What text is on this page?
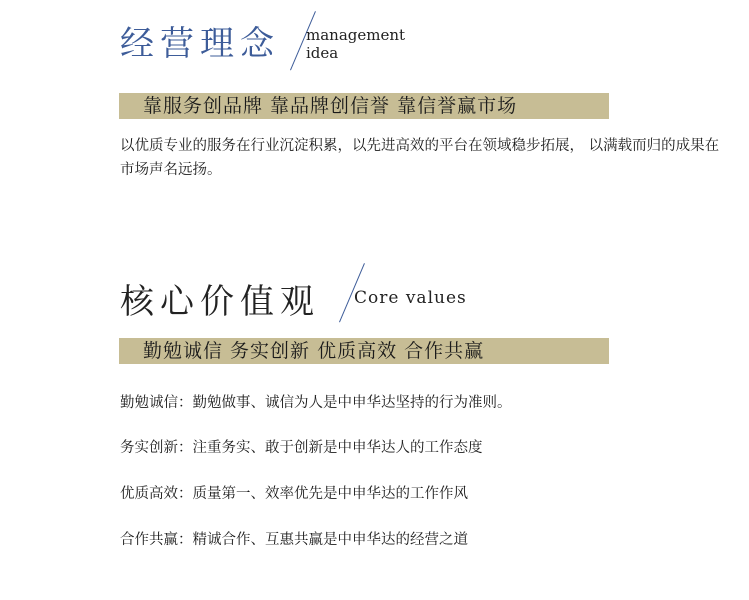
经营理念 management
idea
靠服务创品牌 靠品牌创信誉 靠信誉赢市场

以优质专业的服务在行业沉淀积累，以先进高效的平台在领域稳步拓展， 以满载而归的成果在市场声名远扬。

核心价值观 Core values
勤勉诚信 务实创新 优质高效 合作共赢

勤勉诚信：勤勉做事、诚信为人是中申华达坚持的行为准则。

务实创新：注重务实、敢于创新是中申华达人的工作态度

优质高效：质量第一、效率优先是中申华达的工作作风

合作共赢：精诚合作、互惠共赢是中申华达的经营之道
